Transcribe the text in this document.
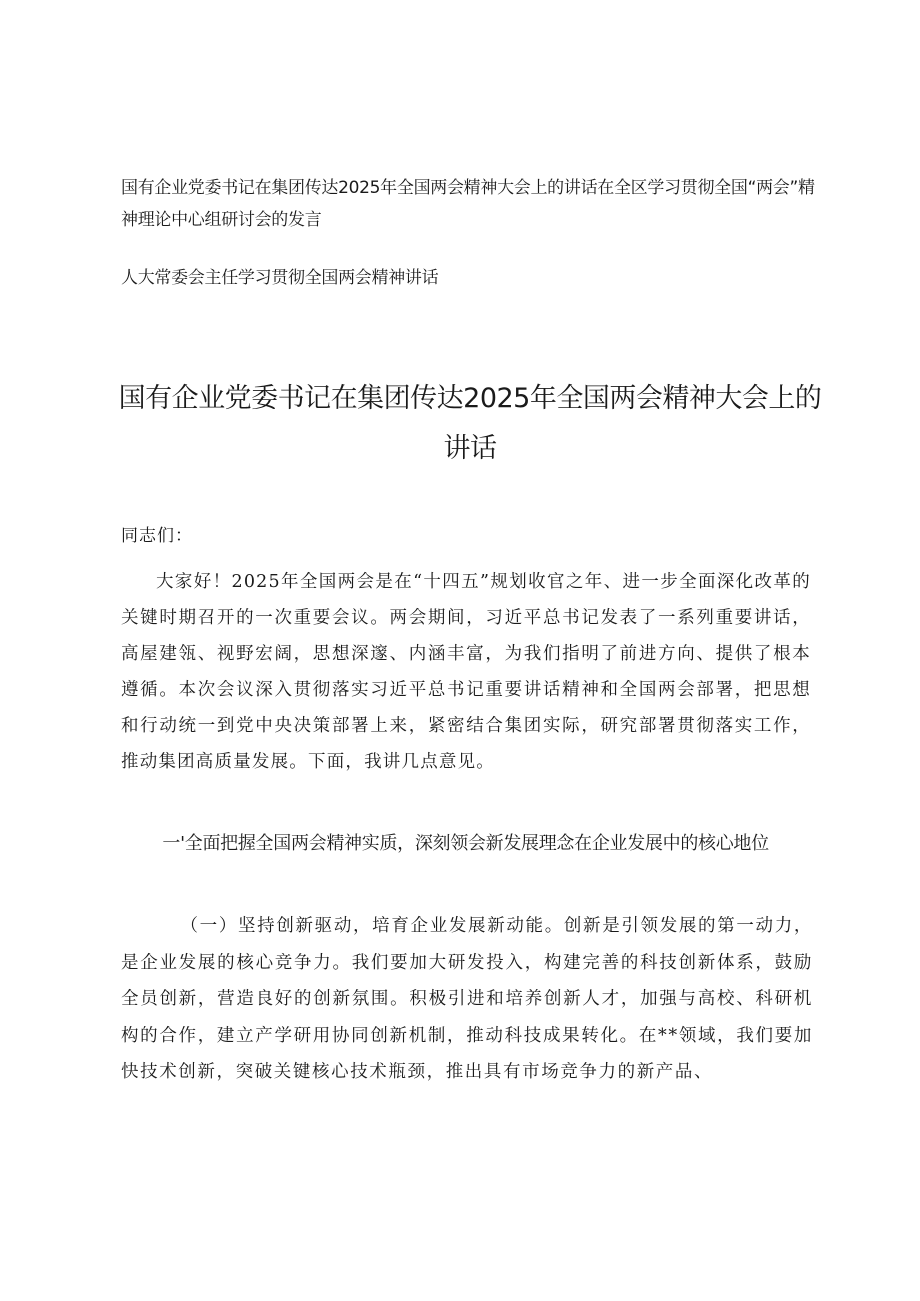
国有企业党委书记在集团传达2025年全国两会精神大会上的讲话在全区学习贯彻全国“两会”精神理论中心组研讨会的发言
人大常委会主任学习贯彻全国两会精神讲话
国有企业党委书记在集团传达2025年全国两会精神大会上的讲话
同志们：

大家好！2025年全国两会是在“十四五”规划收官之年、进一步全面深化改革的关键时期召开的一次重要会议。两会期间，习近平总书记发表了一系列重要讲话，高屋建瓴、视野宏阔，思想深邃、内涵丰富，为我们指明了前进方向、提供了根本遵循。本次会议深入贯彻落实习近平总书记重要讲话精神和全国两会部署，把思想和行动统一到党中央决策部署上来，紧密结合集团实际，研究部署贯彻落实工作，推动集团高质量发展。下面，我讲几点意见。

一'全面把握全国两会精神实质，深刻领会新发展理念在企业发展中的核心地位

（一）坚持创新驱动，培育企业发展新动能。创新是引领发展的第一动力，是企业发展的核心竞争力。我们要加大研发投入，构建完善的科技创新体系，鼓励全员创新，营造良好的创新氛围。积极引进和培养创新人才，加强与高校、科研机构的合作，建立产学研用协同创新机制，推动科技成果转化。在**领域，我们要加快技术创新，突破关键核心技术瓶颈，推出具有市场竞争力的新产品、
